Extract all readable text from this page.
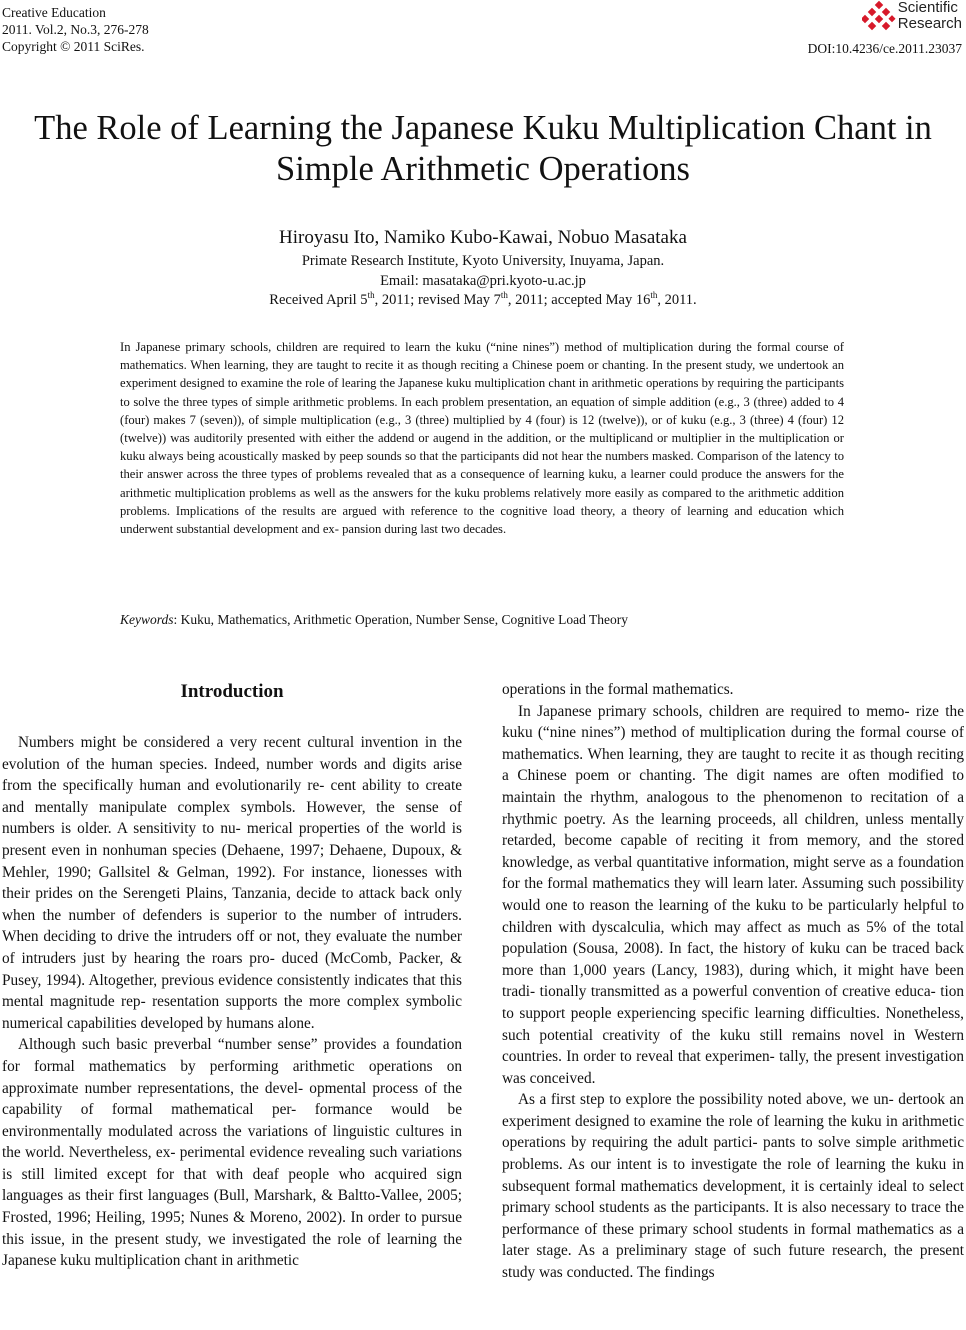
Creative Education
2011. Vol.2, No.3, 276-278
Copyright © 2011 SciRes.
Scientific
Research
DOI:10.4236/ce.2011.23037
The Role of Learning the Japanese Kuku Multiplication Chant in
Simple Arithmetic Operations
Hiroyasu Ito, Namiko Kubo-Kawai, Nobuo Masataka
Primate Research Institute, Kyoto University, Inuyama, Japan.
Email: masataka@pri.kyoto-u.ac.jp
Received April 5th, 2011; revised May 7th, 2011; accepted May 16th, 2011.
In Japanese primary schools, children are required to learn the kuku (“nine nines”) method of multiplication during the formal course of mathematics. When learning, they are taught to recite it as though reciting a Chinese poem or chanting. In the present study, we undertook an experiment designed to examine the role of learing the Japanese kuku multiplication chant in arithmetic operations by requiring the participants to solve the three types of simple arithmetic problems. In each problem presentation, an equation of simple addition (e.g., 3 (three) added to 4 (four) makes 7 (seven)), of simple multiplication (e.g., 3 (three) multiplied by 4 (four) is 12 (twelve)), or of kuku (e.g., 3 (three) 4 (four) 12 (twelve)) was auditorily presented with either the addend or augend in the addition, or the multiplicand or multiplier in the multiplication or kuku always being acoustically masked by peep sounds so that the participants did not hear the numbers masked. Comparison of the latency to their answer across the three types of problems revealed that as a consequence of learning kuku, a learner could produce the answers for the arithmetic multiplication problems as well as the answers for the kuku problems relatively more easily as compared to the arithmetic addition problems. Implications of the results are argued with reference to the cognitive load theory, a theory of learning and education which underwent substantial development and ex- pansion during last two decades.
Keywords: Kuku, Mathematics, Arithmetic Operation, Number Sense, Cognitive Load Theory
Introduction

Numbers might be considered a very recent cultural invention in the evolution of the human species. Indeed, number words and digits arise from the specifically human and evolutionarily re- cent ability to create and mentally manipulate complex symbols. However, the sense of numbers is older. A sensitivity to nu- merical properties of the world is present even in nonhuman species (Dehaene, 1997; Dehaene, Dupoux, & Mehler, 1990; Gallsitel & Gelman, 1992). For instance, lionesses with their prides on the Serengeti Plains, Tanzania, decide to attack back only when the number of defenders is superior to the number of intruders. When deciding to drive the intruders off or not, they evaluate the number of intruders just by hearing the roars pro- duced (McComb, Packer, & Pusey, 1994). Altogether, previous evidence consistently indicates that this mental magnitude rep- resentation supports the more complex symbolic numerical capabilities developed by humans alone.

Although such basic preverbal “number sense” provides a foundation for formal mathematics by performing arithmetic operations on approximate number representations, the devel- opmental process of the capability of formal mathematical per- formance would be environmentally modulated across the variations of linguistic cultures in the world. Nevertheless, ex- perimental evidence revealing such variations is still limited except for that with deaf people who acquired sign languages as their first languages (Bull, Marshark, & Baltto-Vallee, 2005; Frosted, 1996; Heiling, 1995; Nunes & Moreno, 2002). In order to pursue this issue, in the present study, we investigated the role of learning the Japanese kuku multiplication chant in arithmetic

operations in the formal mathematics.

In Japanese primary schools, children are required to memo- rize the kuku (“nine nines”) method of multiplication during the formal course of mathematics. When learning, they are taught to recite it as though reciting a Chinese poem or chanting. The digit names are often modified to maintain the rhythm, analogous to the phenomenon to recitation of a rhythmic poetry. As the learning proceeds, all children, unless mentally retarded, become capable of reciting it from memory, and the stored knowledge, as verbal quantitative information, might serve as a foundation for the formal mathematics they will learn later. Assuming such possibility would one to reason the learning of the kuku to be particularly helpful to children with dyscalculia, which may affect as much as 5% of the total population (Sousa, 2008). In fact, the history of kuku can be traced back more than 1,000 years (Lancy, 1983), during which, it might have been tradi- tionally transmitted as a powerful convention of creative educa- tion to support people experiencing specific learning difficulties. Nonetheless, such potential creativity of the kuku still remains novel in Western countries. In order to reveal that experimen- tally, the present investigation was conceived.

As a first step to explore the possibility noted above, we un- dertook an experiment designed to examine the role of learning the kuku in arithmetic operations by requiring the adult partici- pants to solve simple arithmetic problems. As our intent is to investigate the role of learning the kuku in subsequent formal mathematics development, it is certainly ideal to select primary school students as the participants. It is also necessary to trace the performance of these primary school students in formal mathematics as a later stage. As a preliminary stage of such future research, the present study was conducted. The findings
